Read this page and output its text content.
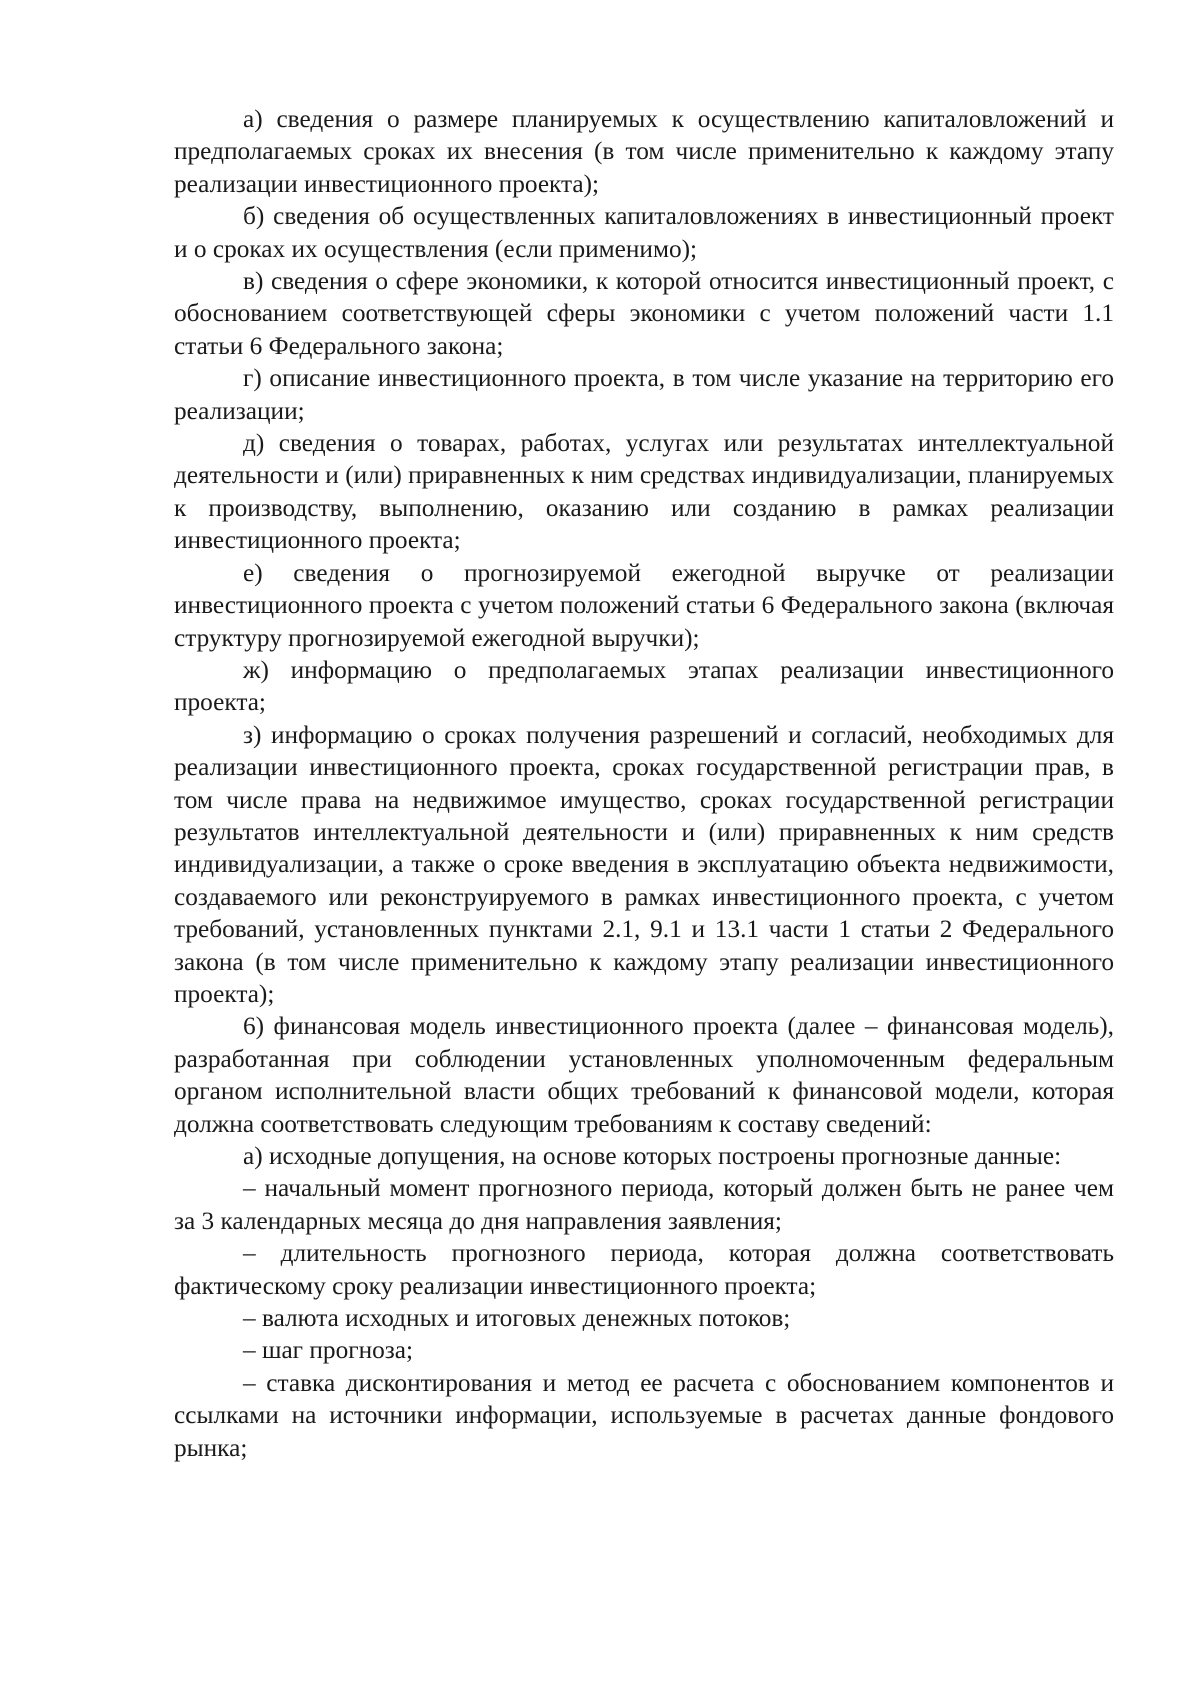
а) сведения о размере планируемых к осуществлению капиталовложений и предполагаемых сроках их внесения (в том числе применительно к каждому этапу реализации инвестиционного проекта);

б) сведения об осуществленных капиталовложениях в инвестиционный проект и о сроках их осуществления (если применимо);

в) сведения о сфере экономики, к которой относится инвестиционный проект, с обоснованием соответствующей сферы экономики с учетом положений части 1.1 статьи 6 Федерального закона;

г) описание инвестиционного проекта, в том числе указание на территорию его реализации;

д) сведения о товарах, работах, услугах или результатах интеллектуальной деятельности и (или) приравненных к ним средствах индивидуализации, планируемых к производству, выполнению, оказанию или созданию в рамках реализации инвестиционного проекта;

е) сведения о прогнозируемой ежегодной выручке от реализации инвестиционного проекта с учетом положений статьи 6 Федерального закона (включая структуру прогнозируемой ежегодной выручки);

ж) информацию о предполагаемых этапах реализации инвестиционного проекта;

з) информацию о сроках получения разрешений и согласий, необходимых для реализации инвестиционного проекта, сроках государственной регистрации прав, в том числе права на недвижимое имущество, сроках государственной регистрации результатов интеллектуальной деятельности и (или) приравненных к ним средств индивидуализации, а также о сроке введения в эксплуатацию объекта недвижимости, создаваемого или реконструируемого в рамках инвестиционного проекта, с учетом требований, установленных пунктами 2.1, 9.1 и 13.1 части 1 статьи 2 Федерального закона (в том числе применительно к каждому этапу реализации инвестиционного проекта);

6) финансовая модель инвестиционного проекта (далее – финансовая модель), разработанная при соблюдении установленных уполномоченным федеральным органом исполнительной власти общих требований к финансовой модели, которая должна соответствовать следующим требованиям к составу сведений:

а) исходные допущения, на основе которых построены прогнозные данные:

– начальный момент прогнозного периода, который должен быть не ранее чем за 3 календарных месяца до дня направления заявления;

– длительность прогнозного периода, которая должна соответствовать фактическому сроку реализации инвестиционного проекта;

– валюта исходных и итоговых денежных потоков;

– шаг прогноза;

– ставка дисконтирования и метод ее расчета с обоснованием компонентов и ссылками на источники информации, используемые в расчетах данные фондового рынка;
